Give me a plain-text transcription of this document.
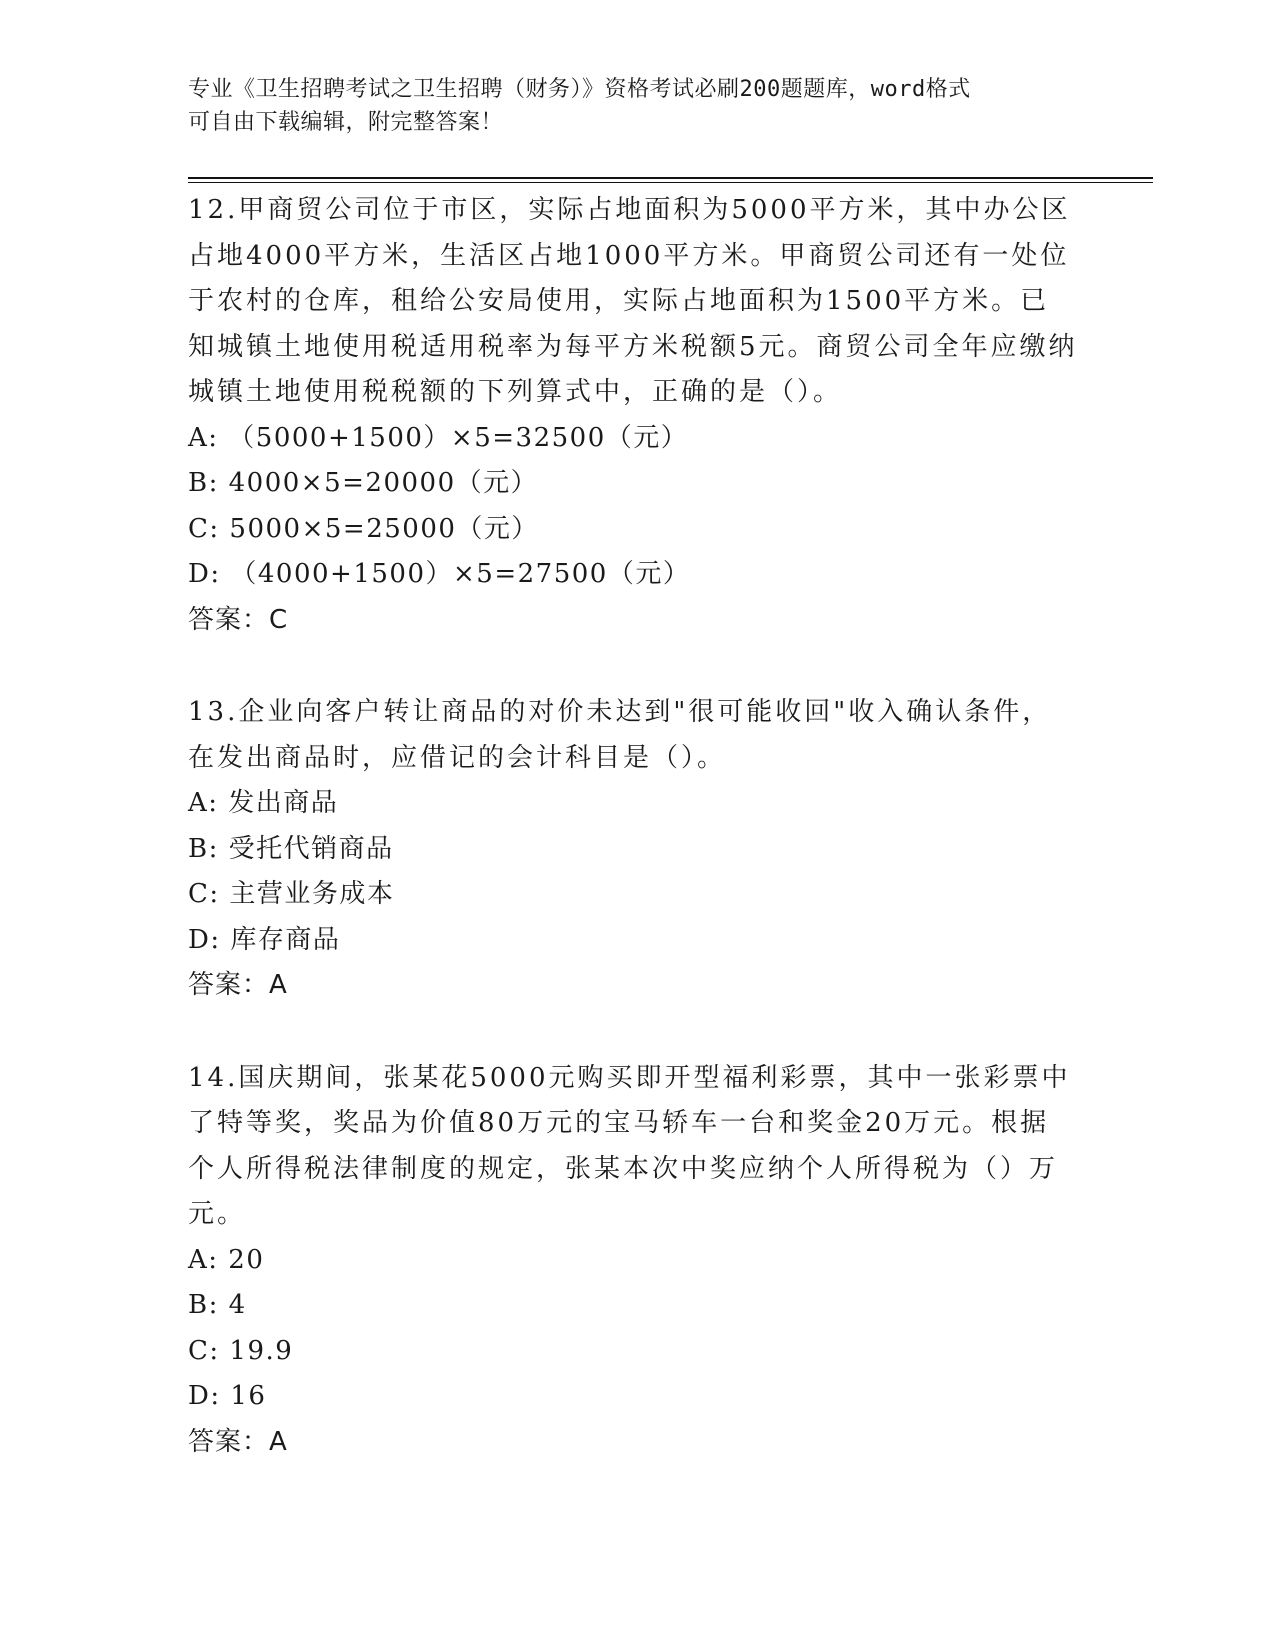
专业《卫生招聘考试之卫生招聘（财务）》资格考试必刷200题题库，word格式
可自由下载编辑，附完整答案！

12.甲商贸公司位于市区，实际占地面积为5000平方米，其中办公区占地4000平方米，生活区占地1000平方米。甲商贸公司还有一处位于农村的仓库，租给公安局使用，实际占地面积为1500平方米。已知城镇土地使用税适用税率为每平方米税额5元。商贸公司全年应缴纳城镇土地使用税税额的下列算式中，正确的是（）。

A: （5000+1500）×5=32500（元）

B: 4000×5=20000（元）

C: 5000×5=25000（元）

D: （4000+1500）×5=27500（元）

答案：C

13.企业向客户转让商品的对价未达到"很可能收回"收入确认条件，在发出商品时，应借记的会计科目是（）。

A: 发出商品

B: 受托代销商品

C: 主营业务成本

D: 库存商品

答案：A

14.国庆期间，张某花5000元购买即开型福利彩票，其中一张彩票中了特等奖，奖品为价值80万元的宝马轿车一台和奖金20万元。根据个人所得税法律制度的规定，张某本次中奖应纳个人所得税为（）万元。

A: 20

B: 4

C: 19.9

D: 16

答案：A
